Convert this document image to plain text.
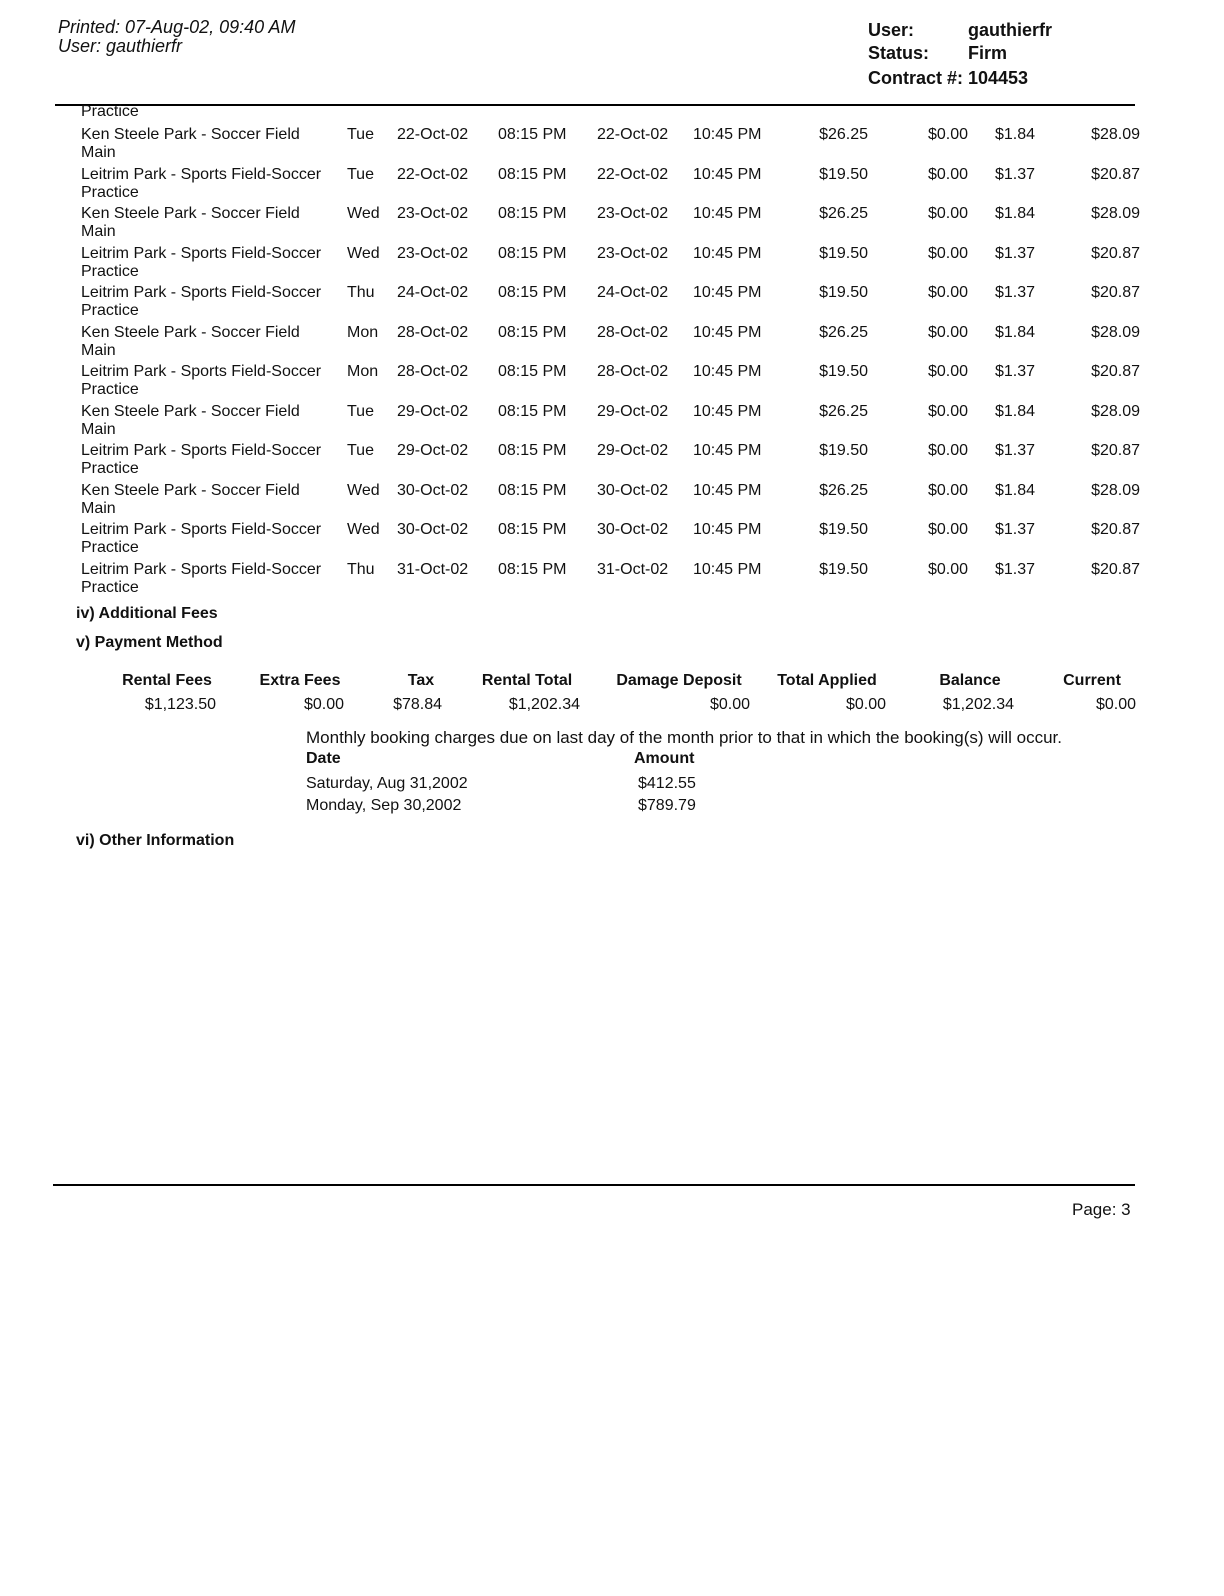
Printed: 07-Aug-02, 09:40 AM
User: gauthierfr
User:	gauthierfr
Status: Firm
Contract #: 104453
Practice
Ken Steele Park - Soccer Field
Main
Tue 22-Oct-02 08:15 PM 22-Oct-02 10:45 PM	$26.25	$0.00	$1.84	$28.09
Leitrim Park - Sports Field-Soccer
Practice
Tue 22-Oct-02 08:15 PM 22-Oct-02 10:45 PM	$19.50	$0.00	$1.37	$20.87
Ken Steele Park - Soccer Field
Main
Wed 23-Oct-02 08:15 PM 23-Oct-02 10:45 PM	$26.25	$0.00	$1.84	$28.09
Leitrim Park - Sports Field-Soccer
Practice
Wed 23-Oct-02 08:15 PM 23-Oct-02 10:45 PM	$19.50	$0.00	$1.37	$20.87
Leitrim Park - Sports Field-Soccer
Practice
Thu 24-Oct-02 08:15 PM 24-Oct-02 10:45 PM	$19.50	$0.00	$1.37	$20.87
Ken Steele Park - Soccer Field
Main
Mon 28-Oct-02 08:15 PM 28-Oct-02 10:45 PM	$26.25	$0.00	$1.84	$28.09
Leitrim Park - Sports Field-Soccer
Practice
Mon 28-Oct-02 08:15 PM 28-Oct-02 10:45 PM	$19.50	$0.00	$1.37	$20.87
Ken Steele Park - Soccer Field
Main
Tue 29-Oct-02 08:15 PM 29-Oct-02 10:45 PM	$26.25	$0.00	$1.84	$28.09
Leitrim Park - Sports Field-Soccer
Practice
Tue 29-Oct-02 08:15 PM 29-Oct-02 10:45 PM	$19.50	$0.00	$1.37	$20.87
Ken Steele Park - Soccer Field
Main
Wed 30-Oct-02 08:15 PM 30-Oct-02 10:45 PM	$26.25	$0.00	$1.84	$28.09
Leitrim Park - Sports Field-Soccer
Practice
Wed 30-Oct-02 08:15 PM 30-Oct-02 10:45 PM	$19.50	$0.00	$1.37	$20.87
Leitrim Park - Sports Field-Soccer
Practice
Thu 31-Oct-02 08:15 PM 31-Oct-02 10:45 PM	$19.50	$0.00	$1.37	$20.87
iv) Additional Fees
v) Payment Method
Rental Fees	Extra Fees	Tax	Rental Total	Damage Deposit	Total Applied	Balance	Current
$1,123.50	$0.00	$78.84	$1,202.34	$0.00	$0.00	$1,202.34	$0.00
Monthly booking charges due on last day of the month prior to that in which the booking(s) will occur.
Date	Amount
Saturday, Aug 31,2002	$412.55
Monday, Sep 30,2002	$789.79
vi) Other Information
Page: 3
